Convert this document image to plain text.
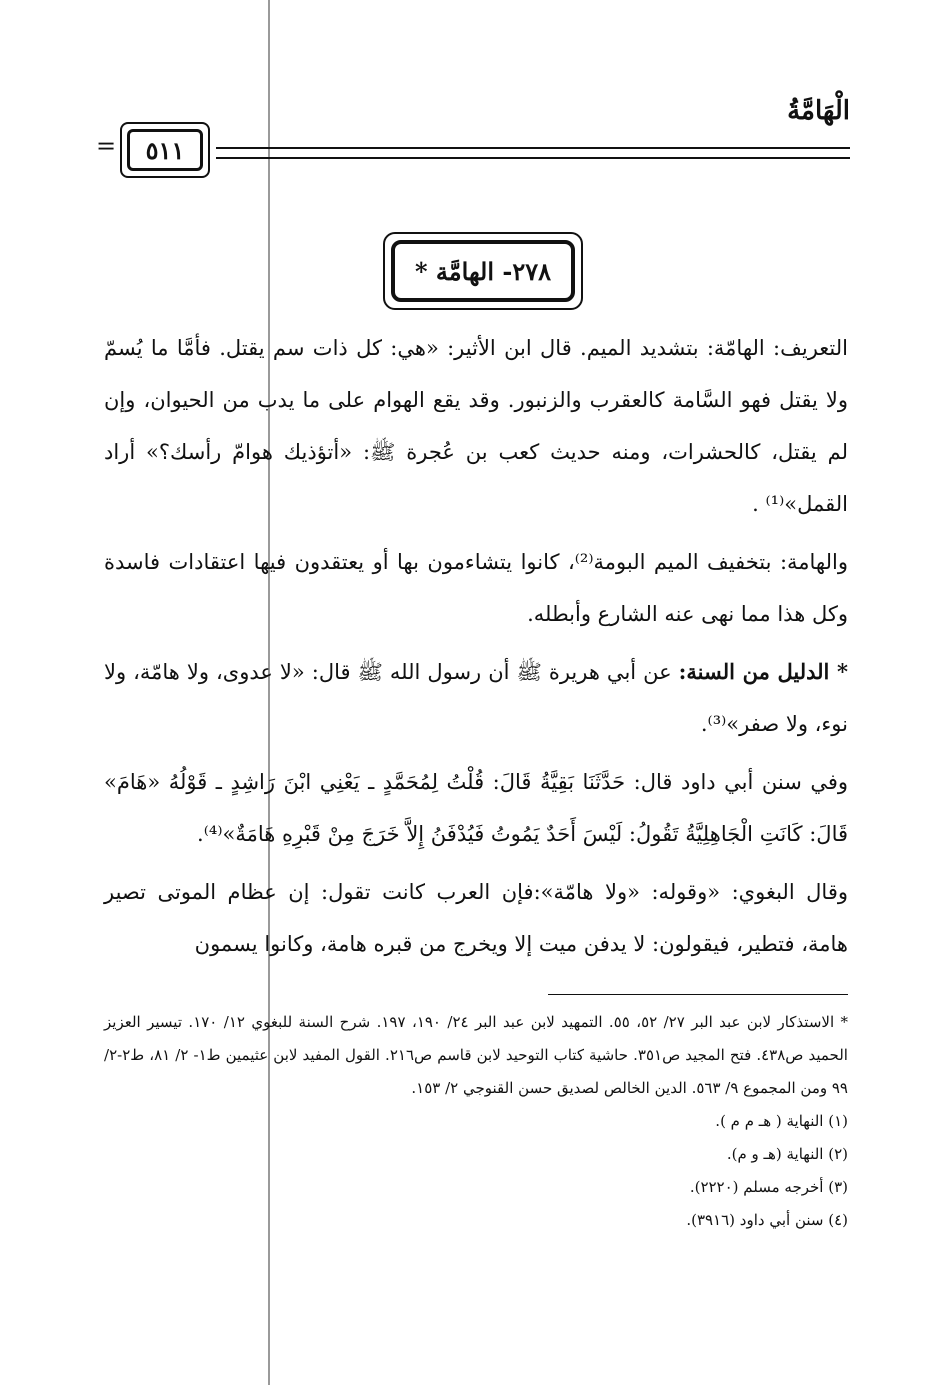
الْهَامَّةُ
=	٥١١
٢٧٨- الهامَّة *

التعريف: الهامّة: بتشديد الميم. قال ابن الأثير: «هي: كل ذات سم يقتل. فأمَّا ما يُسمّ ولا يقتل فهو السَّامة كالعقرب والزنبور. وقد يقع الهوام على ما يدب من الحيوان، وإن لم يقتل، كالحشرات، ومنه حديث كعب بن عُجرة ﷺ: «أتؤذيك هوامّ رأسك؟» أراد القمل»⁽¹⁾ .

والهامة: بتخفيف الميم البومة⁽²⁾، كانوا يتشاءمون بها أو يعتقدون فيها اعتقادات فاسدة وكل هذا مما نهى عنه الشارع وأبطله.

* الدليل من السنة: عن أبي هريرة ﷺ أن رسول الله ﷺ قال: «لا عدوى، ولا هامّة، ولا نوء، ولا صفر»⁽³⁾.

وفي سنن أبي داود قال: حَدَّثَنَا بَقِيَّةُ قَالَ: قُلْتُ لِمُحَمَّدٍ ـ يَعْنِي ابْنَ رَاشِدٍ ـ قَوْلُهُ «هَامَ» قَالَ: كَانَتِ الْجَاهِلِيَّةُ تَقُولُ: لَيْسَ أَحَدٌ يَمُوتُ فَيُدْفَنُ إِلاَّ خَرَجَ مِنْ قَبْرِهِ هَامَةٌ»⁽⁴⁾.

وقال البغوي: «وقوله: «ولا هامّة»:فإن العرب كانت تقول: إن عظام الموتى تصير هامة، فتطير، فيقولون: لا يدفن ميت إلا ويخرج من قبره هامة، وكانوا يسمون

* الاستذكار لابن عبد البر ٢٧/ ٥٢، ٥٥. التمهيد لابن عبد البر ٢٤/ ١٩٠، ١٩٧. شرح السنة للبغوي ١٢/ ١٧٠. تيسير العزيز الحميد ص٤٣٨. فتح المجيد ص٣٥١. حاشية كتاب التوحيد لابن قاسم ص٢١٦. القول المفيد لابن عثيمين ط١- ٢/ ٨١، ط٢-٢/ ٩٩ ومن المجموع ٩/ ٥٦٣. الدين الخالص لصديق حسن القنوجي ٢/ ١٥٣.

(١) النهاية ( هـ م م ).

(٢) النهاية (هـ و م).

(٣) أخرجه مسلم (٢٢٢٠).

(٤) سنن أبي داود (٣٩١٦).
